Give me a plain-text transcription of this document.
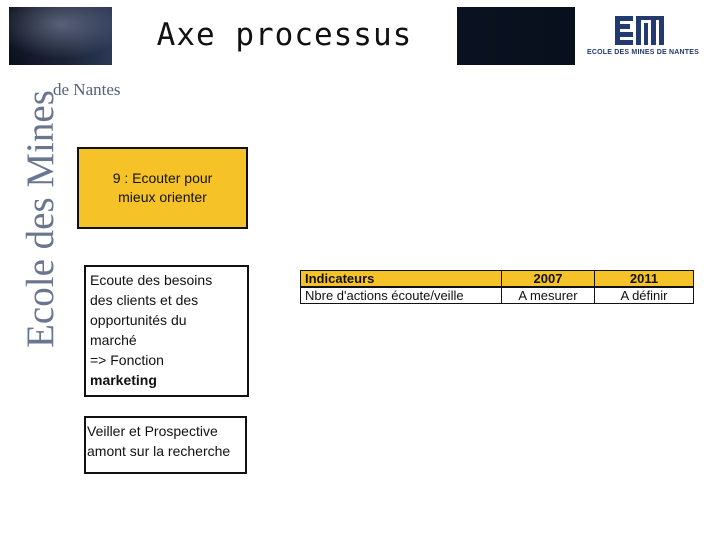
Axe processus	ECOLE DES MINES DE NANTES
Ecole des Mines
de Nantes
9 : Ecouter pour mieux orienter
Ecoute des besoins
des clients et des
opportunités du
marché
=> Fonction
marketing
Veiller et Prospective
amont sur la recherche
Indicateurs	2007	2011
Nbre d'actions écoute/veille	A mesurer	A définir
